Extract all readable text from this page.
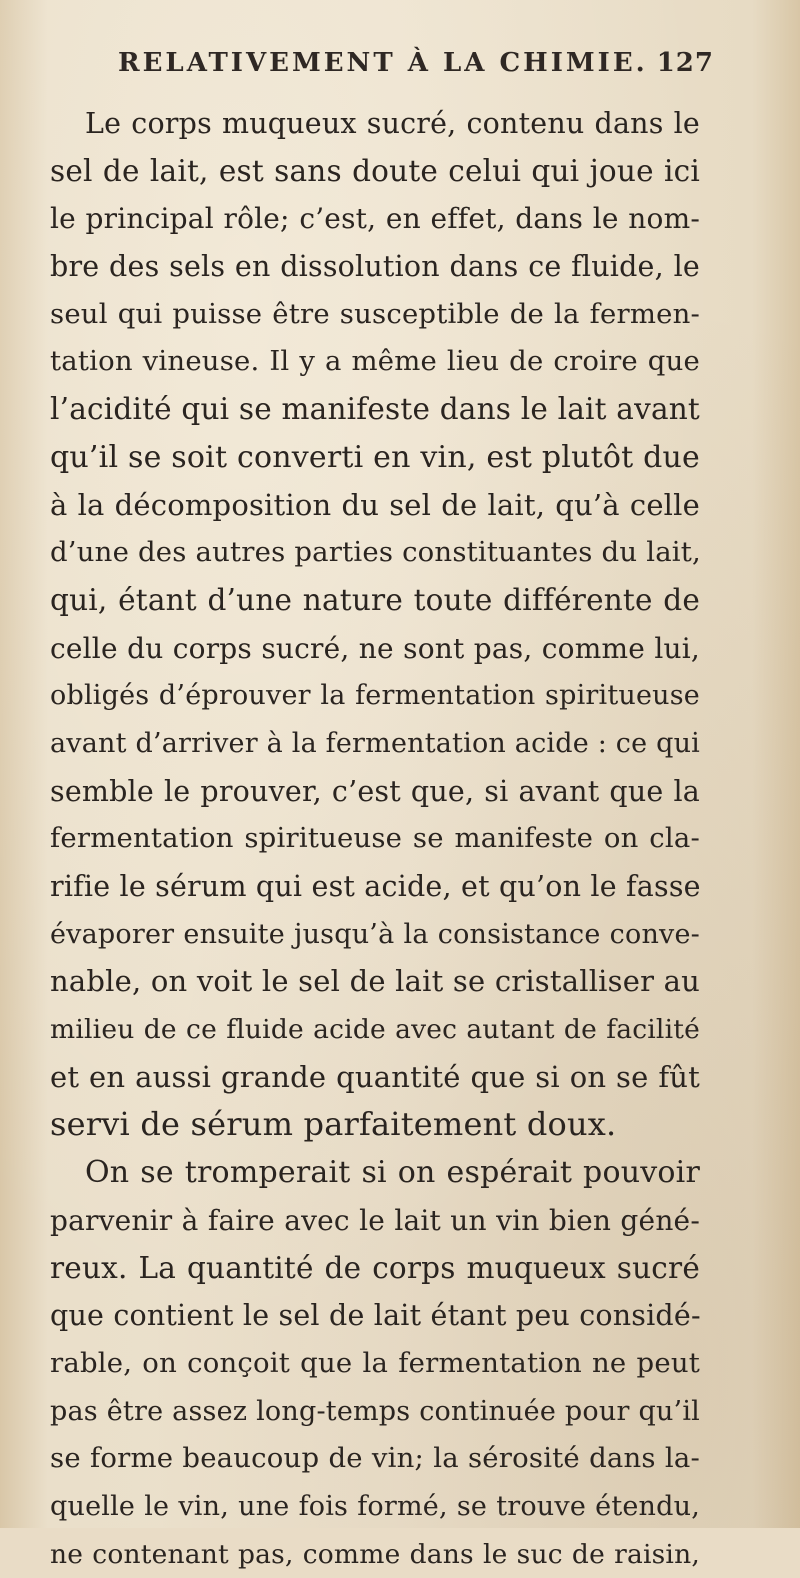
RELATIVEMENT À LA CHIMIE. 127
Le corps muqueux sucré, contenu dans le
sel de lait, est sans doute celui qui joue ici
le principal rôle; c’est, en effet, dans le nom-
bre des sels en dissolution dans ce fluide, le
seul qui puisse être susceptible de la fermen-
tation vineuse. Il y a même lieu de croire que
l’acidité qui se manifeste dans le lait avant
qu’il se soit converti en vin, est plutôt due
à la décomposition du sel de lait, qu’à celle
d’une des autres parties constituantes du lait,
qui, étant d’une nature toute différente de
celle du corps sucré, ne sont pas, comme lui,
obligés d’éprouver la fermentation spiritueuse
avant d’arriver à la fermentation acide : ce qui
semble le prouver, c’est que, si avant que la
fermentation spiritueuse se manifeste on cla-
rifie le sérum qui est acide, et qu’on le fasse
évaporer ensuite jusqu’à la consistance conve-
nable, on voit le sel de lait se cristalliser au
milieu de ce fluide acide avec autant de facilité
et en aussi grande quantité que si on se fût
servi de sérum parfaitement doux.
On se tromperait si on espérait pouvoir
parvenir à faire avec le lait un vin bien géné-
reux. La quantité de corps muqueux sucré
que contient le sel de lait étant peu considé-
rable, on conçoit que la fermentation ne peut
pas être assez long-temps continuée pour qu’il
se forme beaucoup de vin; la sérosité dans la-
quelle le vin, une fois formé, se trouve étendu,
ne contenant pas, comme dans le suc de raisin,
